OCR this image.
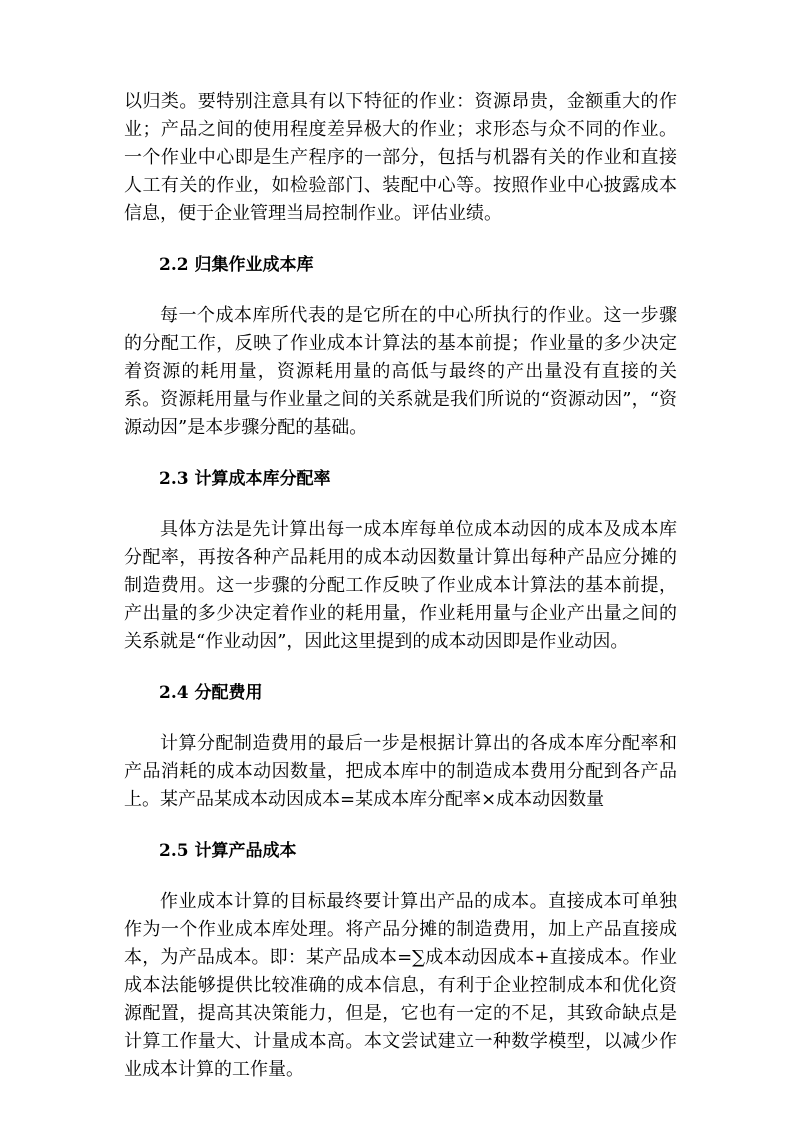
以归类。要特别注意具有以下特征的作业：资源昂贵，金额重大的作业；产品之间的使用程度差异极大的作业；求形态与众不同的作业。一个作业中心即是生产程序的一部分，包括与机器有关的作业和直接人工有关的作业，如检验部门、装配中心等。按照作业中心披露成本信息，便于企业管理当局控制作业。评估业绩。

2.2 归集作业成本库

每一个成本库所代表的是它所在的中心所执行的作业。这一步骤的分配工作，反映了作业成本计算法的基本前提；作业量的多少决定着资源的耗用量，资源耗用量的高低与最终的产出量没有直接的关系。资源耗用量与作业量之间的关系就是我们所说的“资源动因”，“资源动因”是本步骤分配的基础。

2.3 计算成本库分配率

具体方法是先计算出每一成本库每单位成本动因的成本及成本库分配率，再按各种产品耗用的成本动因数量计算出每种产品应分摊的制造费用。这一步骤的分配工作反映了作业成本计算法的基本前提，产出量的多少决定着作业的耗用量，作业耗用量与企业产出量之间的关系就是“作业动因”，因此这里提到的成本动因即是作业动因。

2.4 分配费用

计算分配制造费用的最后一步是根据计算出的各成本库分配率和产品消耗的成本动因数量，把成本库中的制造成本费用分配到各产品上。某产品某成本动因成本=某成本库分配率×成本动因数量

2.5 计算产品成本

作业成本计算的目标最终要计算出产品的成本。直接成本可单独作为一个作业成本库处理。将产品分摊的制造费用，加上产品直接成本，为产品成本。即：某产品成本=∑成本动因成本+直接成本。作业成本法能够提供比较准确的成本信息，有利于企业控制成本和优化资源配置，提高其决策能力，但是，它也有一定的不足，其致命缺点是计算工作量大、计量成本高。本文尝试建立一种数学模型，以减少作业成本计算的工作量。
